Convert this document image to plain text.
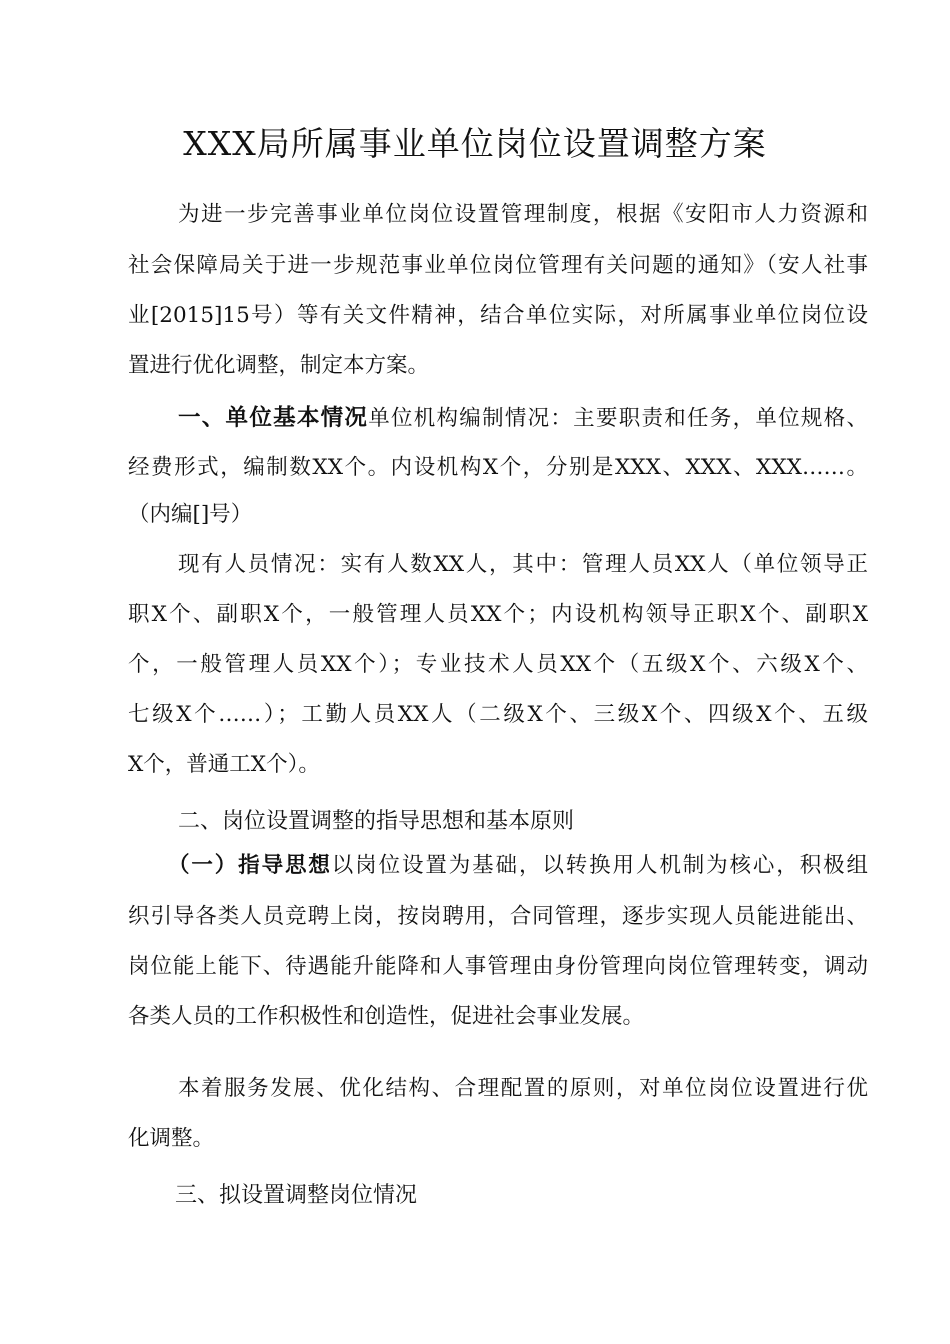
XXX局所属事业单位岗位设置调整方案
为进一步完善事业单位岗位设置管理制度，根据《安阳市人力资源和
社会保障局关于进一步规范事业单位岗位管理有关问题的通知》（安人社事
业[2015]15号）等有关文件精神，结合单位实际，对所属事业单位岗位设
置进行优化调整，制定本方案。
一、单位基本情况单位机构编制情况：主要职责和任务，单位规格、
经费形式，编制数XX个。内设机构X个，分别是XXX、XXX、XXX……。
（内编[]号）
现有人员情况：实有人数XX人，其中：管理人员XX人（单位领导正
职X个、副职X个，一般管理人员XX个；内设机构领导正职X个、副职X
个，一般管理人员XX个）；专业技术人员XX个（五级X个、六级X个、
七级X个……）；工勤人员XX人（二级X个、三级X个、四级X个、五级
X个，普通工X个）。
二、岗位设置调整的指导思想和基本原则
（一）指导思想以岗位设置为基础，以转换用人机制为核心，积极组
织引导各类人员竞聘上岗，按岗聘用，合同管理，逐步实现人员能进能出、
岗位能上能下、待遇能升能降和人事管理由身份管理向岗位管理转变，调动
各类人员的工作积极性和创造性，促进社会事业发展。
本着服务发展、优化结构、合理配置的原则，对单位岗位设置进行优
化调整。
三、拟设置调整岗位情况
